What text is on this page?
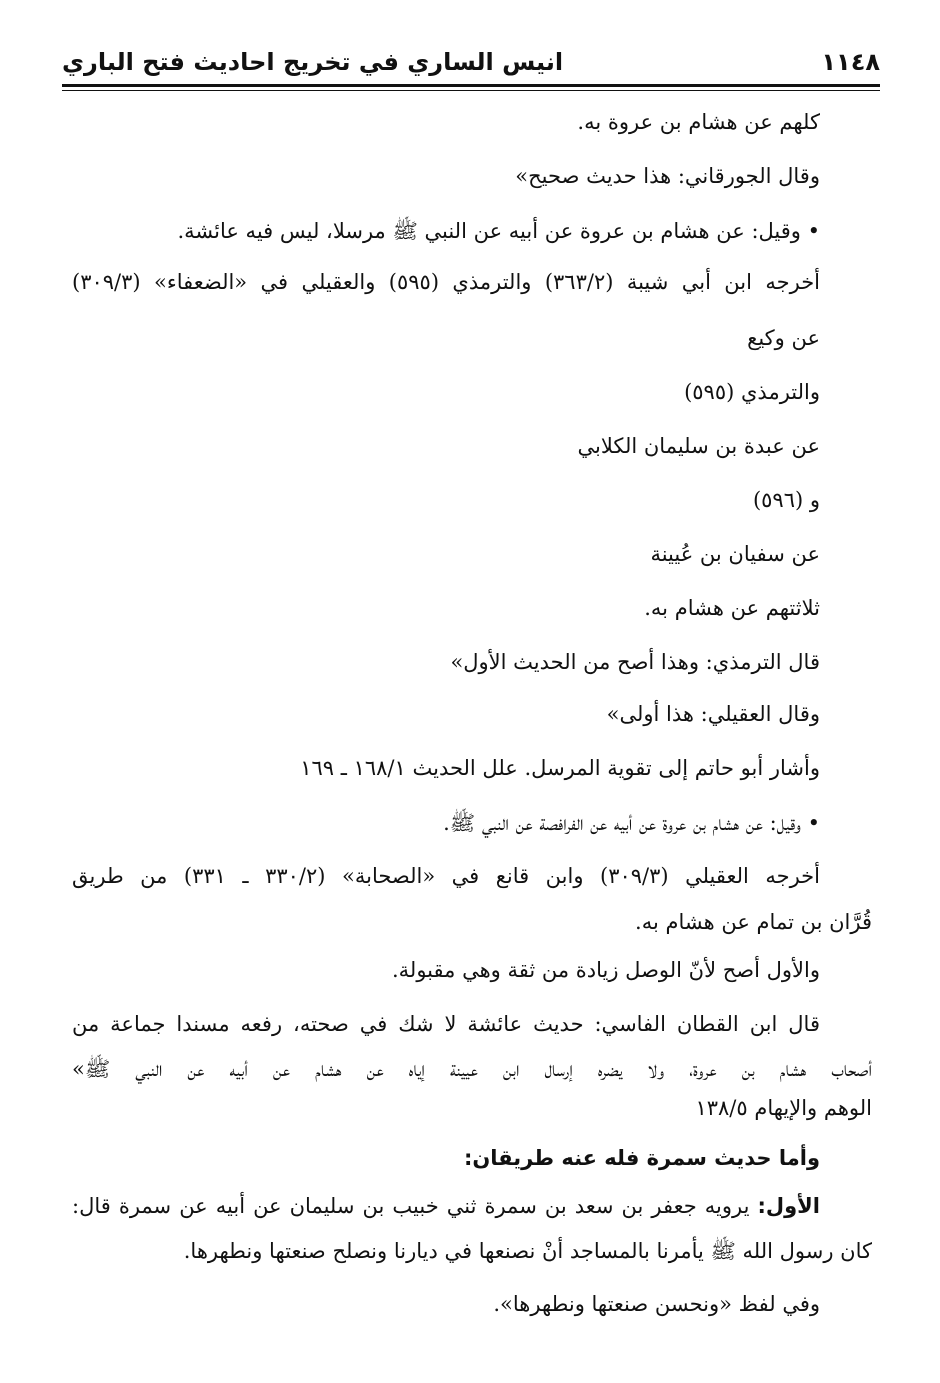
١١٤٨
انيس الساري في تخريج احاديث فتح الباري
كلهم عن هشام بن عروة به.
وقال الجورقاني: هذا حديث صحيح»
• وقيل: عن هشام بن عروة عن أبيه عن النبي ﷺ مرسلا، ليس فيه عائشة.
أخرجه ابن أبي شيبة (٣٦٣/٢) والترمذي (٥٩٥) والعقيلي في «الضعفاء» (٣٠٩/٣)
عن وكيع
والترمذي (٥٩٥)
عن عبدة بن سليمان الكلابي
و (٥٩٦)
عن سفيان بن عُيينة
ثلاثتهم عن هشام به.
قال الترمذي: وهذا أصح من الحديث الأول»
وقال العقيلي: هذا أولى»
وأشار أبو حاتم إلى تقوية المرسل. علل الحديث ١٦٨/١ ـ ١٦٩
• وقيل: عن هشام بن عروة عن أبيه عن الفرافصة عن النبي ﷺ.
أخرجه العقيلي (٣٠٩/٣) وابن قانع في «الصحابة» (٣٣٠/٢ ـ ٣٣١) من طريق
قُرَّان بن تمام عن هشام به.
والأول أصح لأنّ الوصل زيادة من ثقة وهي مقبولة.
قال ابن القطان الفاسي: حديث عائشة لا شك في صحته، رفعه مسندا جماعة من
أصحاب هشام بن عروة، ولا يضره إرسال ابن عيينة إياه عن هشام عن أبيه عن النبي ﷺ»
الوهم والإيهام ١٣٨/٥
وأما حديث سمرة فله عنه طريقان:
الأول: يرويه جعفر بن سعد بن سمرة ثني خبيب بن سليمان عن أبيه عن سمرة قال:
كان رسول الله ﷺ يأمرنا بالمساجد أنْ نصنعها في ديارنا ونصلح صنعتها ونطهرها.
وفي لفظ «ونحسن صنعتها ونطهرها».
